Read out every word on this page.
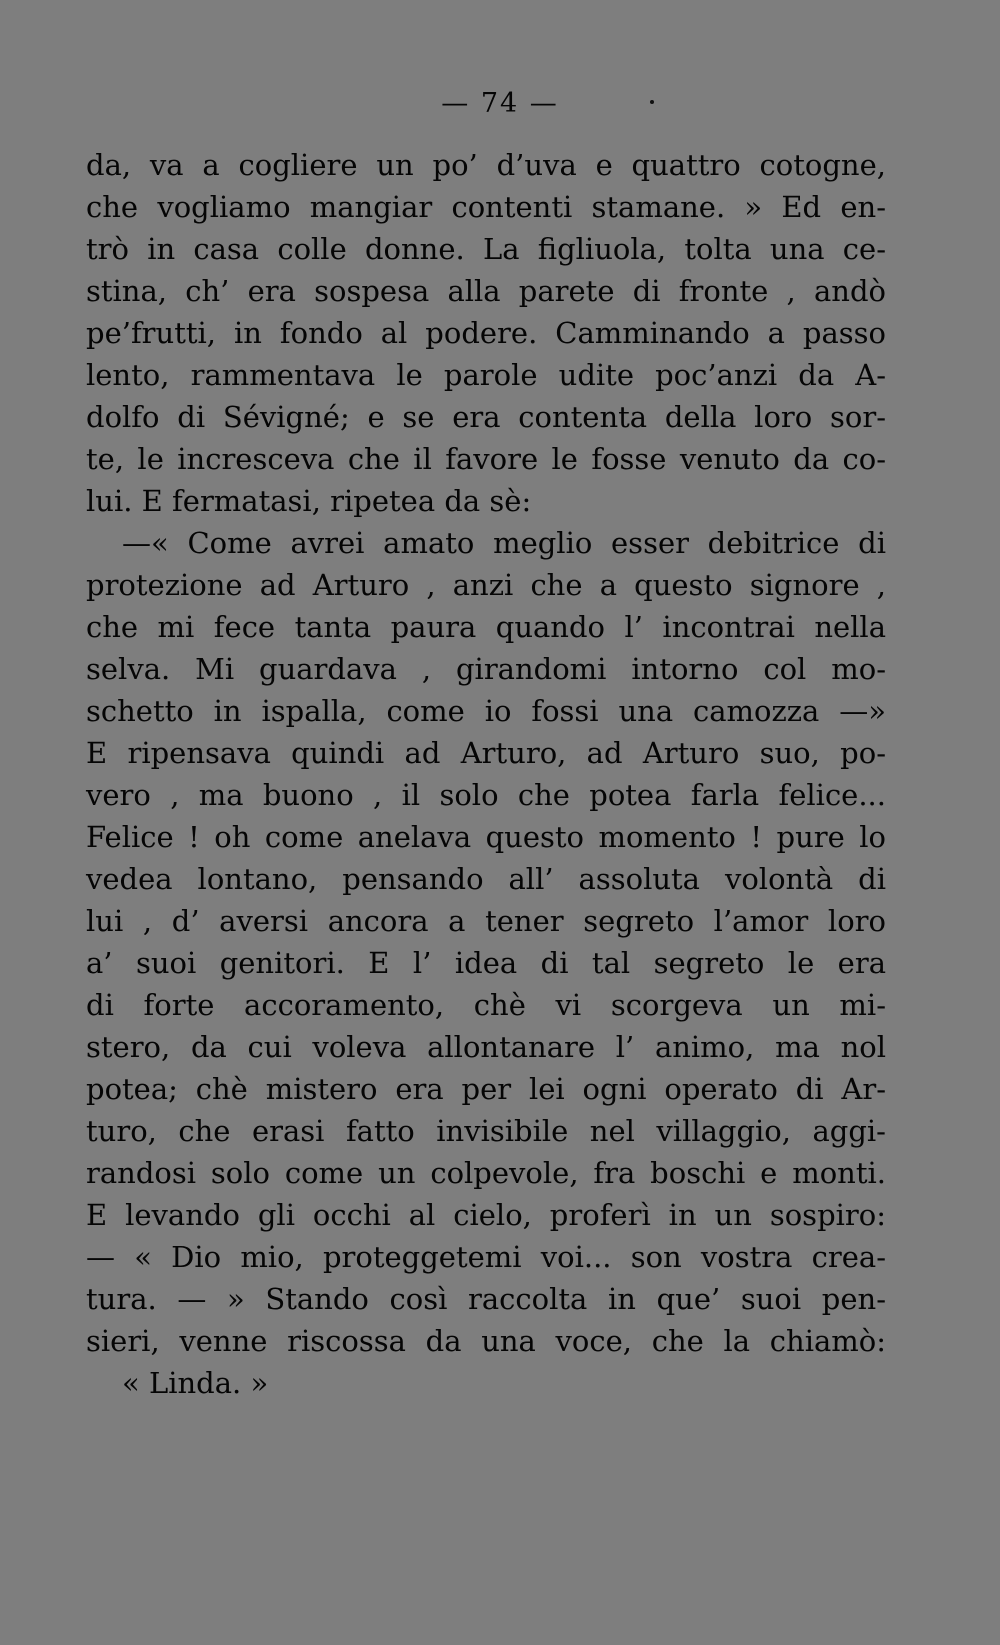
— 74 —
da, va a cogliere un po’ d’uva e quattro cotogne,
che vogliamo mangiar contenti stamane. » Ed en-
trò in casa colle donne. La figliuola, tolta una ce-
stina, ch’ era sospesa alla parete di fronte , andò
pe’frutti, in fondo al podere. Camminando a passo
lento, rammentava le parole udite poc’anzi da A-
dolfo di Sévigné; e se era contenta della loro sor-
te, le incresceva che il favore le fosse venuto da co-
lui. E fermatasi, ripetea da sè:
—« Come avrei amato meglio esser debitrice di
protezione ad Arturo , anzi che a questo signore ,
che mi fece tanta paura quando l’ incontrai nella
selva. Mi guardava , girandomi intorno col mo-
schetto in ispalla, come io fossi una camozza —»
E ripensava quindi ad Arturo, ad Arturo suo, po-
vero , ma buono , il solo che potea farla felice...
Felice ! oh come anelava questo momento ! pure lo
vedea lontano, pensando all’ assoluta volontà di
lui , d’ aversi ancora a tener segreto l’amor loro
a’ suoi genitori. E l’ idea di tal segreto le era
di forte accoramento, chè vi scorgeva un mi-
stero, da cui voleva allontanare l’ animo, ma nol
potea; chè mistero era per lei ogni operato di Ar-
turo, che erasi fatto invisibile nel villaggio, aggi-
randosi solo come un colpevole, fra boschi e monti.
E levando gli occhi al cielo, proferì in un sospiro:
— « Dio mio, proteggetemi voi... son vostra crea-
tura. — » Stando così raccolta in que’ suoi pen-
sieri, venne riscossa da una voce, che la chiamò:
« Linda. »
